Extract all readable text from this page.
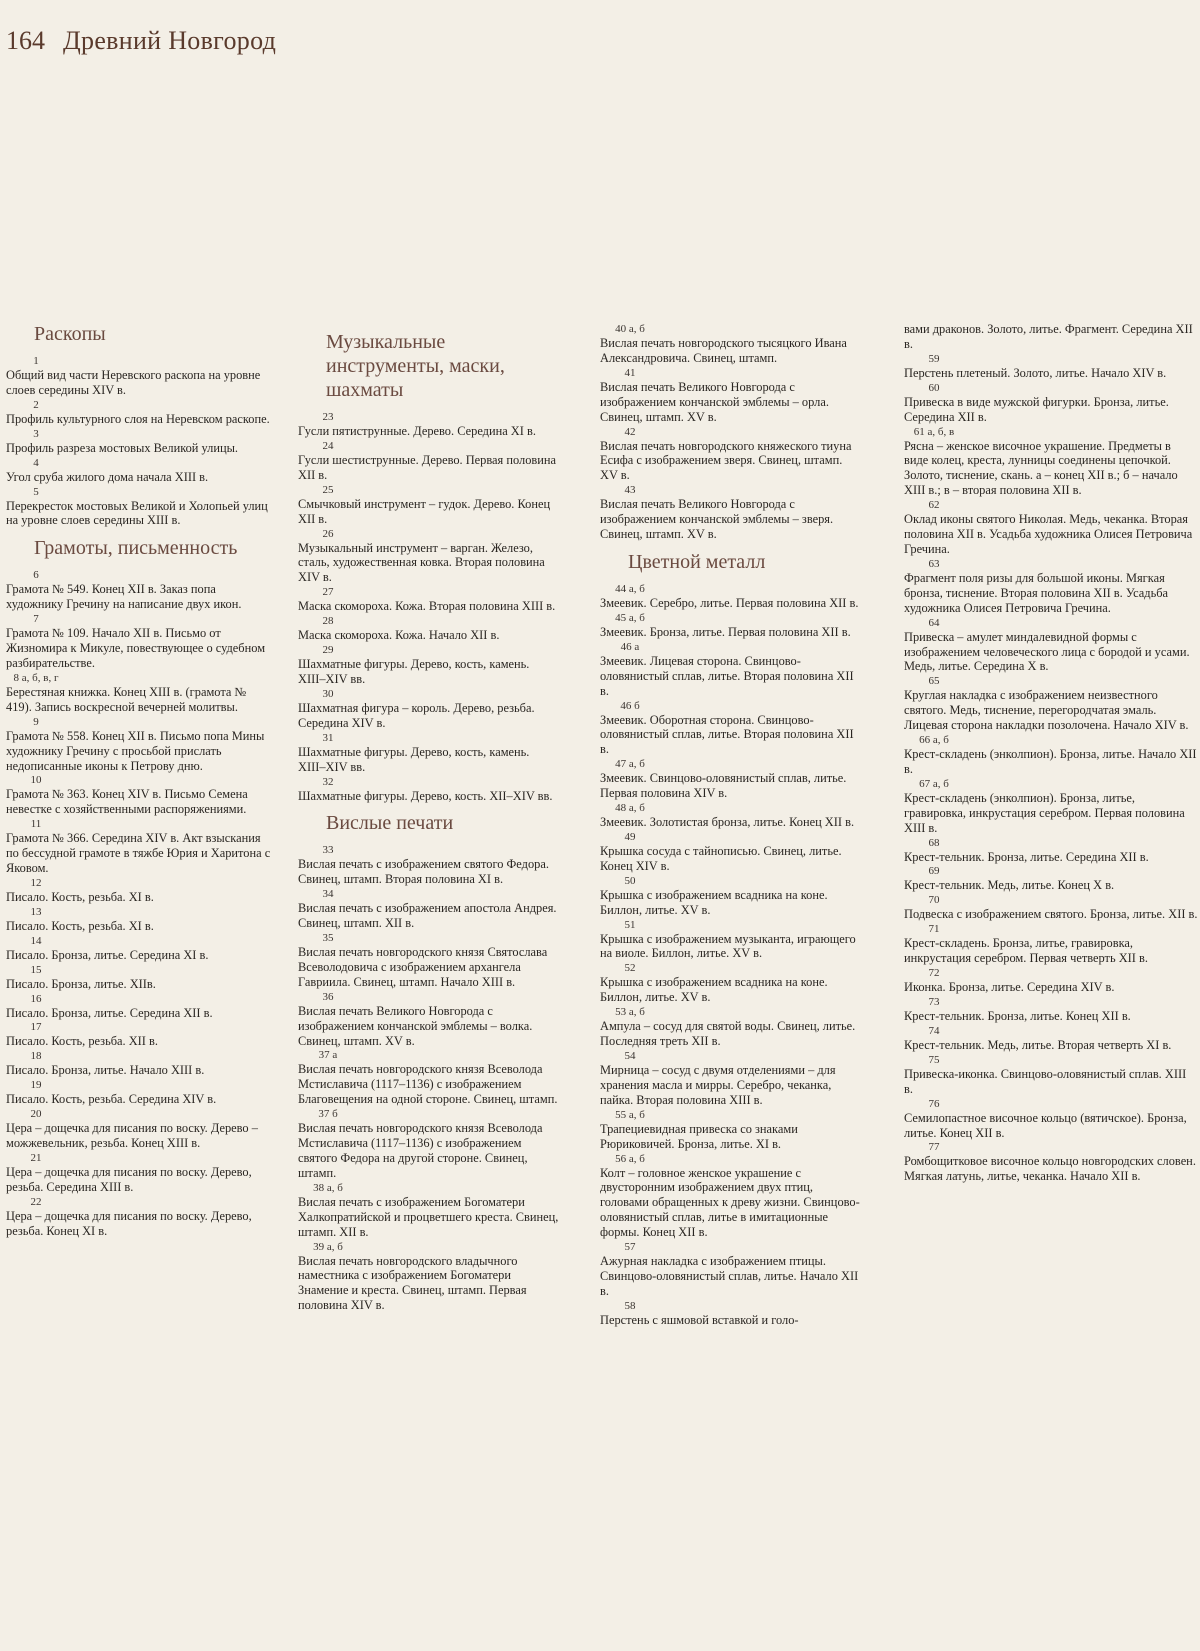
164 Древний Новгород
Раскопы
1

Общий вид части Неревского раскопа на уровне слоев середины XIV в.

2

Профиль культурного слоя на Неревском раскопе.

3

Профиль разреза мостовых Великой улицы.

4

Угол сруба жилого дома начала XIII в.

5

Перекресток мостовых Великой и Холопьей улиц на уровне слоев середины XIII в.

Грамоты, письменность
6

Грамота № 549. Конец XII в. Заказ попа художнику Гречину на написание двух икон.

7

Грамота № 109. Начало XII в. Письмо от Жизномира к Микуле, повествующее о судебном разбирательстве.

8 а, б, в, г

Берестяная книжка. Конец XIII в. (грамота № 419). Запись воскресной вечерней молитвы.

9

Грамота № 558. Конец XII в. Письмо попа Мины художнику Гречину с просьбой прислать недописанные иконы к Петрову дню.

10

Грамота № 363. Конец XIV в. Письмо Семена невестке с хозяйственными распоряжениями.

11

Грамота № 366. Середина XIV в. Акт взыскания по бессудной грамоте в тяжбе Юрия и Харитона с Яковом.

12

Писало. Кость, резьба. XI в.

13

Писало. Кость, резьба. XI в.

14

Писало. Бронза, литье. Середина XI в.

15

Писало. Бронза, литье. XIIв.

16

Писало. Бронза, литье. Середина XII в.

17

Писало. Кость, резьба. XII в.

18

Писало. Бронза, литье. Начало XIII в.

19

Писало. Кость, резьба. Середина XIV в.

20

Цера – дощечка для писания по воску. Дерево – можжевельник, резьба. Конец XIII в.

21

Цера – дощечка для писания по воску. Дерево, резьба. Середина XIII в.

22

Цера – дощечка для писания по воску. Дерево, резьба. Конец XI в.

Музыкальные инструменты, маски, шахматы
23

Гусли пятиструнные. Дерево. Середина XI в.

24

Гусли шестиструнные. Дерево. Первая половина XII в.

25

Смычковый инструмент – гудок. Дерево. Конец XII в.

26

Музыкальный инструмент – варган. Железо, сталь, художественная ковка. Вторая половина XIV в.

27

Маска скомороха. Кожа. Вторая половина XIII в.

28

Маска скомороха. Кожа. Начало XII в.

29

Шахматные фигуры. Дерево, кость, камень. XIII–XIV вв.

30

Шахматная фигура – король. Дерево, резьба. Середина XIV в.

31

Шахматные фигуры. Дерево, кость, камень. XIII–XIV вв.

32

Шахматные фигуры. Дерево, кость. XII–XIV вв.

Вислые печати
33

Вислая печать с изображением святого Федора. Свинец, штамп. Вторая половина XI в.

34

Вислая печать с изображением апостола Андрея. Свинец, штамп. XII в.

35

Вислая печать новгородского князя Святослава Всеволодовича с изображением архангела Гавриила. Свинец, штамп. Начало XIII в.

36

Вислая печать Великого Новгорода с изображением кончанской эмблемы – волка. Свинец, штамп. XV в.

37 а

Вислая печать новгородского князя Всеволода Мстиславича (1117–1136) с изображением Благовещения на одной стороне. Свинец, штамп.

37 б

Вислая печать новгородского князя Всеволода Мстиславича (1117–1136) с изображением святого Федора на другой стороне. Свинец, штамп.

38 а, б

Вислая печать с изображением Богоматери Халкопратийской и процветшего креста. Свинец, штамп. XII в.

39 а, б

Вислая печать новгородского владычного наместника с изображением Богоматери Знамение и креста. Свинец, штамп. Первая половина XIV в.

40 а, б

Вислая печать новгородского тысяцкого Ивана Александровича. Свинец, штамп.

41

Вислая печать Великого Новгорода с изображением кончанской эмблемы – орла. Свинец, штамп. XV в.

42

Вислая печать новгородского княжеского тиуна Есифа с изображением зверя. Свинец, штамп. XV в.

43

Вислая печать Великого Новгорода с изображением кончанской эмблемы – зверя. Свинец, штамп. XV в.

Цветной металл
44 а, б

Змеевик. Серебро, литье. Первая половина XII в.

45 а, б

Змеевик. Бронза, литье. Первая половина XII в.

46 а

Змеевик. Лицевая сторона. Свинцово-оловянистый сплав, литье. Вторая половина XII в.

46 б

Змеевик. Оборотная сторона. Свинцово-оловянистый сплав, литье. Вторая половина XII в.

47 а, б

Змеевик. Свинцово-оловянистый сплав, литье. Первая половина XIV в.

48 а, б

Змеевик. Золотистая бронза, литье. Конец XII в.

49

Крышка сосуда с тайнописью. Свинец, литье. Конец XIV в.

50

Крышка с изображением всадника на коне. Биллон, литье. XV в.

51

Крышка с изображением музыканта, играющего на виоле. Биллон, литье. XV в.

52

Крышка с изображением всадника на коне. Биллон, литье. XV в.

53 а, б

Ампула – сосуд для святой воды. Свинец, литье. Последняя треть XII в.

54

Мирница – сосуд с двумя отделениями – для хранения масла и мирры. Серебро, чеканка, пайка. Вторая половина XIII в.

55 а, б

Трапециевидная привеска со знаками Рюриковичей. Бронза, литье. XI в.

56 а, б

Колт – головное женское украшение с двусторонним изображением двух птиц, головами обращенных к древу жизни. Свинцово-оловянистый сплав, литье в имитационные формы. Конец XII в.

57

Ажурная накладка с изображением птицы. Свинцово-оловянистый сплав, литье. Начало XII в.

58

Перстень с яшмовой вставкой и голо-

вами драконов. Золото, литье. Фрагмент. Середина XII в.

59

Перстень плетеный. Золото, литье. Начало XIV в.

60

Привеска в виде мужской фигурки. Бронза, литье. Середина XII в.

61 а, б, в

Рясна – женское височное украшение. Предметы в виде колец, креста, лунницы соединены цепочкой. Золото, тиснение, скань. а – конец XII в.; б – начало XIII в.; в – вторая половина XII в.

62

Оклад иконы святого Николая. Медь, чеканка. Вторая половина XII в. Усадьба художника Олисея Петровича Гречина.

63

Фрагмент поля ризы для большой иконы. Мягкая бронза, тиснение. Вторая половина XII в. Усадьба художника Олисея Петровича Гречина.

64

Привеска – амулет миндалевидной формы с изображением человеческого лица с бородой и усами. Медь, литье. Середина X в.

65

Круглая накладка с изображением неизвестного святого. Медь, тиснение, перегородчатая эмаль. Лицевая сторона накладки позолочена. Начало XIV в.

66 а, б

Крест-складень (энколпион). Бронза, литье. Начало XII в.

67 а, б

Крест-складень (энколпион). Бронза, литье, гравировка, инкрустация серебром. Первая половина XIII в.

68

Крест-тельник. Бронза, литье. Середина XII в.

69

Крест-тельник. Медь, литье. Конец X в.

70

Подвеска с изображением святого. Бронза, литье. XII в.

71

Крест-складень. Бронза, литье, гравировка, инкрустация серебром. Первая четверть XII в.

72

Иконка. Бронза, литье. Середина XIV в.

73

Крест-тельник. Бронза, литье. Конец XII в.

74

Крест-тельник. Медь, литье. Вторая четверть XI в.

75

Привеска-иконка. Свинцово-оловянистый сплав. XIII в.

76

Семилопастное височное кольцо (вятичское). Бронза, литье. Конец XII в.

77

Ромбощитковое височное кольцо новгородских словен. Мягкая латунь, литье, чеканка. Начало XII в.
